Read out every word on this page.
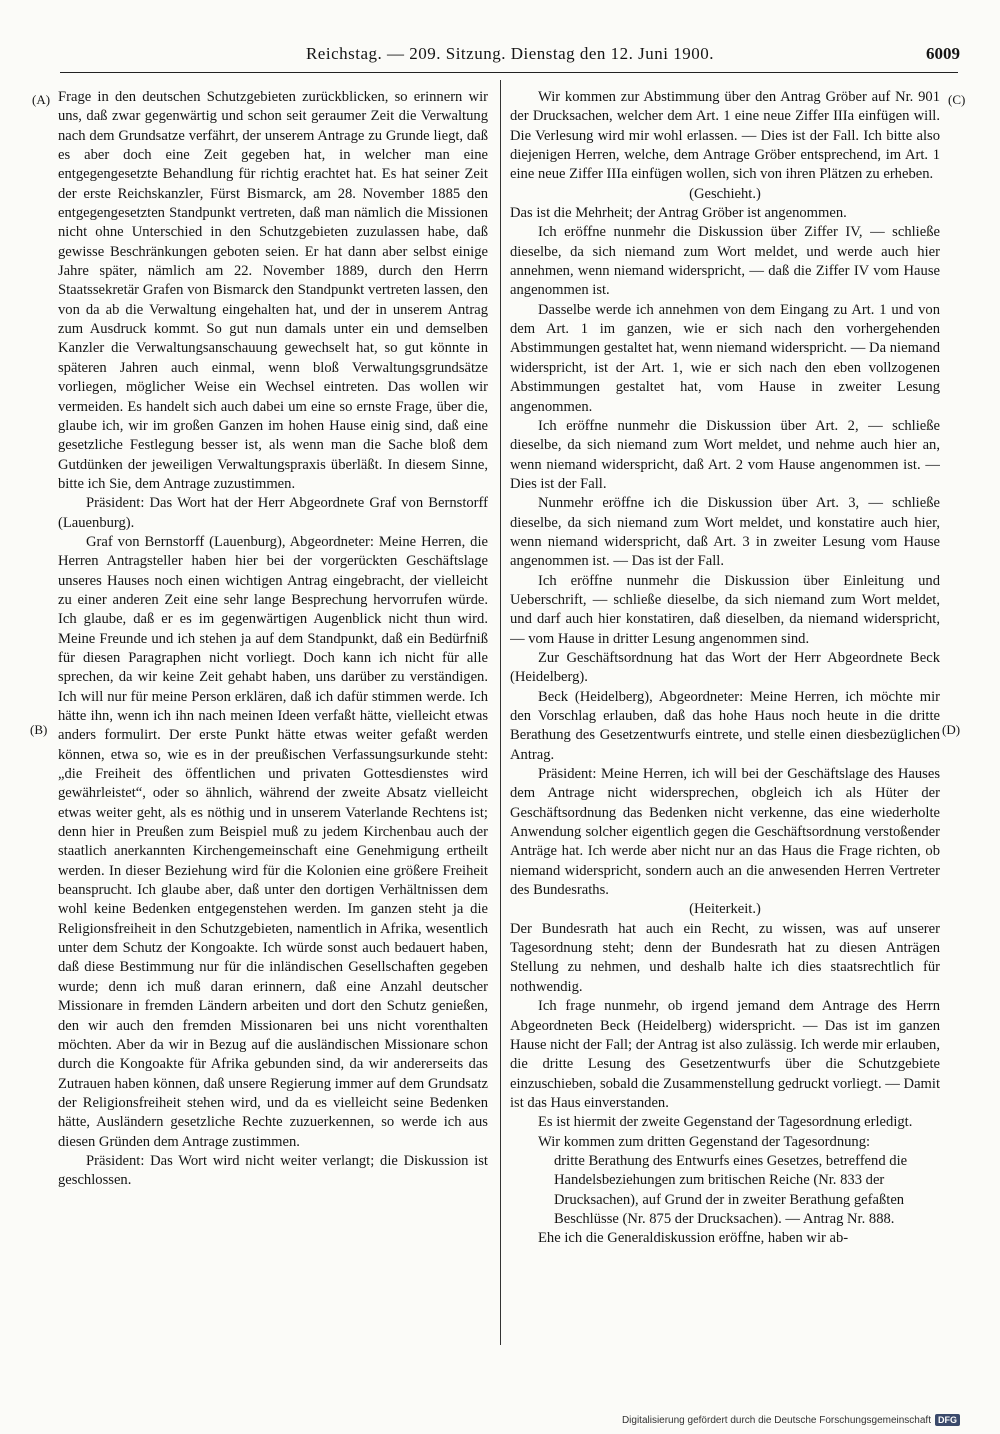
Reichstag. — 209. Sitzung. Dienstag den 12. Juni 1900.	6009
(A)
(B)
(C)
(D)

Frage in den deutschen Schutzgebieten zurückblicken, so erinnern wir uns, daß zwar gegenwärtig und schon seit geraumer Zeit die Verwaltung nach dem Grundsatze verfährt, der unserem Antrage zu Grunde liegt, daß es aber doch eine Zeit gegeben hat, in welcher man eine entgegengesetzte Behandlung für richtig erachtet hat. Es hat seiner Zeit der erste Reichskanzler, Fürst Bismarck, am 28. November 1885 den entgegengesetzten Standpunkt vertreten, daß man nämlich die Missionen nicht ohne Unterschied in den Schutzgebieten zuzulassen habe, daß gewisse Beschränkungen geboten seien. Er hat dann aber selbst einige Jahre später, nämlich am 22. November 1889, durch den Herrn Staatssekretär Grafen von Bismarck den Standpunkt vertreten lassen, den von da ab die Verwaltung eingehalten hat, und der in unserem Antrag zum Ausdruck kommt. So gut nun damals unter ein und demselben Kanzler die Verwaltungsanschauung gewechselt hat, so gut könnte in späteren Jahren auch einmal, wenn bloß Verwaltungsgrundsätze vorliegen, möglicher Weise ein Wechsel eintreten. Das wollen wir vermeiden. Es handelt sich auch dabei um eine so ernste Frage, über die, glaube ich, wir im großen Ganzen im hohen Hause einig sind, daß eine gesetzliche Festlegung besser ist, als wenn man die Sache bloß dem Gutdünken der jeweiligen Verwaltungspraxis überläßt. In diesem Sinne, bitte ich Sie, dem Antrage zuzustimmen.

Präsident: Das Wort hat der Herr Abgeordnete Graf von Bernstorff (Lauenburg).

Graf von Bernstorff (Lauenburg), Abgeordneter: Meine Herren, die Herren Antragsteller haben hier bei der vorgerückten Geschäftslage unseres Hauses noch einen wichtigen Antrag eingebracht, der vielleicht zu einer anderen Zeit eine sehr lange Besprechung hervorrufen würde. Ich glaube, daß er es im gegenwärtigen Augenblick nicht thun wird. Meine Freunde und ich stehen ja auf dem Standpunkt, daß ein Bedürfniß für diesen Paragraphen nicht vorliegt. Doch kann ich nicht für alle sprechen, da wir keine Zeit gehabt haben, uns darüber zu verständigen. Ich will nur für meine Person erklären, daß ich dafür stimmen werde. Ich hätte ihn, wenn ich ihn nach meinen Ideen verfaßt hätte, vielleicht etwas anders formulirt. Der erste Punkt hätte etwas weiter gefaßt werden können, etwa so, wie es in der preußischen Verfassungsurkunde steht: „die Freiheit des öffentlichen und privaten Gottesdienstes wird gewährleistet“, oder so ähnlich, während der zweite Absatz vielleicht etwas weiter geht, als es nöthig und in unserem Vaterlande Rechtens ist; denn hier in Preußen zum Beispiel muß zu jedem Kirchenbau auch der staatlich anerkannten Kirchengemeinschaft eine Genehmigung ertheilt werden. In dieser Beziehung wird für die Kolonien eine größere Freiheit beansprucht. Ich glaube aber, daß unter den dortigen Verhältnissen dem wohl keine Bedenken entgegenstehen werden. Im ganzen steht ja die Religionsfreiheit in den Schutzgebieten, namentlich in Afrika, wesentlich unter dem Schutz der Kongoakte. Ich würde sonst auch bedauert haben, daß diese Bestimmung nur für die inländischen Gesellschaften gegeben wurde; denn ich muß daran erinnern, daß eine Anzahl deutscher Missionare in fremden Ländern arbeiten und dort den Schutz genießen, den wir auch den fremden Missionaren bei uns nicht vorenthalten möchten. Aber da wir in Bezug auf die ausländischen Missionare schon durch die Kongoakte für Afrika gebunden sind, da wir andererseits das Zutrauen haben können, daß unsere Regierung immer auf dem Grundsatz der Religionsfreiheit stehen wird, und da es vielleicht seine Bedenken hätte, Ausländern gesetzliche Rechte zuzuerkennen, so werde ich aus diesen Gründen dem Antrage zustimmen.

Präsident: Das Wort wird nicht weiter verlangt; die Diskussion ist geschlossen.

Wir kommen zur Abstimmung über den Antrag Gröber auf Nr. 901 der Drucksachen, welcher dem Art. 1 eine neue Ziffer IIIa einfügen will. Die Verlesung wird mir wohl erlassen. — Dies ist der Fall. Ich bitte also diejenigen Herren, welche, dem Antrage Gröber entsprechend, im Art. 1 eine neue Ziffer IIIa einfügen wollen, sich von ihren Plätzen zu erheben.

(Geschieht.)

Das ist die Mehrheit; der Antrag Gröber ist angenommen.

Ich eröffne nunmehr die Diskussion über Ziffer IV, — schließe dieselbe, da sich niemand zum Wort meldet, und werde auch hier annehmen, wenn niemand widerspricht, — daß die Ziffer IV vom Hause angenommen ist.

Dasselbe werde ich annehmen von dem Eingang zu Art. 1 und von dem Art. 1 im ganzen, wie er sich nach den vorhergehenden Abstimmungen gestaltet hat, wenn niemand widerspricht. — Da niemand widerspricht, ist der Art. 1, wie er sich nach den eben vollzogenen Abstimmungen gestaltet hat, vom Hause in zweiter Lesung angenommen.

Ich eröffne nunmehr die Diskussion über Art. 2, — schließe dieselbe, da sich niemand zum Wort meldet, und nehme auch hier an, wenn niemand widerspricht, daß Art. 2 vom Hause angenommen ist. — Dies ist der Fall.

Nunmehr eröffne ich die Diskussion über Art. 3, — schließe dieselbe, da sich niemand zum Wort meldet, und konstatire auch hier, wenn niemand widerspricht, daß Art. 3 in zweiter Lesung vom Hause angenommen ist. — Das ist der Fall.

Ich eröffne nunmehr die Diskussion über Einleitung und Ueberschrift, — schließe dieselbe, da sich niemand zum Wort meldet, und darf auch hier konstatiren, daß dieselben, da niemand widerspricht, — vom Hause in dritter Lesung angenommen sind.

Zur Geschäftsordnung hat das Wort der Herr Abgeordnete Beck (Heidelberg).

Beck (Heidelberg), Abgeordneter: Meine Herren, ich möchte mir den Vorschlag erlauben, daß das hohe Haus noch heute in die dritte Berathung des Gesetzentwurfs eintrete, und stelle einen diesbezüglichen Antrag.

Präsident: Meine Herren, ich will bei der Geschäftslage des Hauses dem Antrage nicht widersprechen, obgleich ich als Hüter der Geschäftsordnung das Bedenken nicht verkenne, das eine wiederholte Anwendung solcher eigentlich gegen die Geschäftsordnung verstoßender Anträge hat. Ich werde aber nicht nur an das Haus die Frage richten, ob niemand widerspricht, sondern auch an die anwesenden Herren Vertreter des Bundesraths.

(Heiterkeit.)

Der Bundesrath hat auch ein Recht, zu wissen, was auf unserer Tagesordnung steht; denn der Bundesrath hat zu diesen Anträgen Stellung zu nehmen, und deshalb halte ich dies staatsrechtlich für nothwendig.

Ich frage nunmehr, ob irgend jemand dem Antrage des Herrn Abgeordneten Beck (Heidelberg) widerspricht. — Das ist im ganzen Hause nicht der Fall; der Antrag ist also zulässig. Ich werde mir erlauben, die dritte Lesung des Gesetzentwurfs über die Schutzgebiete einzuschieben, sobald die Zusammenstellung gedruckt vorliegt. — Damit ist das Haus einverstanden.

Es ist hiermit der zweite Gegenstand der Tagesordnung erledigt.

Wir kommen zum dritten Gegenstand der Tagesordnung:

dritte Berathung des Entwurfs eines Gesetzes, betreffend die Handelsbeziehungen zum britischen Reiche (Nr. 833 der Drucksachen), auf Grund der in zweiter Berathung gefaßten Beschlüsse (Nr. 875 der Drucksachen). — Antrag Nr. 888.

Ehe ich die Generaldiskussion eröffne, haben wir ab-

Digitalisierung gefördert durch die Deutsche Forschungsgemeinschaft DFG
